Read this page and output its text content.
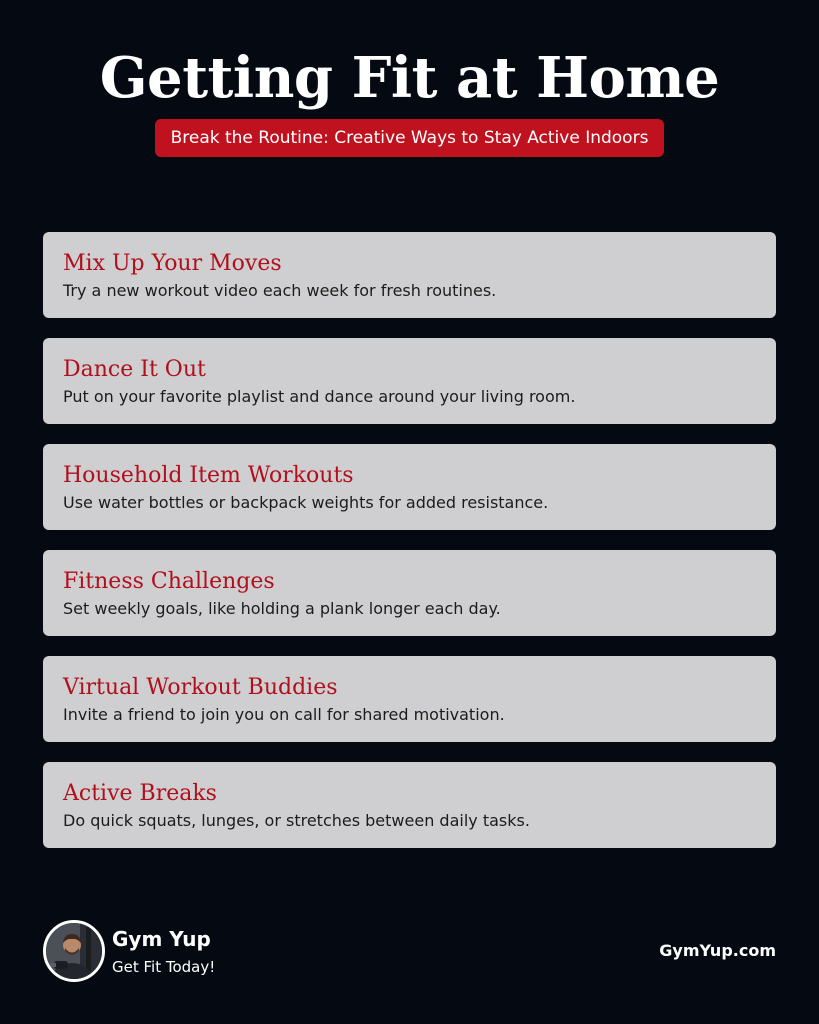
Getting Fit at Home
Break the Routine: Creative Ways to Stay Active Indoors
Mix Up Your Moves
Try a new workout video each week for fresh routines.
Dance It Out
Put on your favorite playlist and dance around your living room.
Household Item Workouts
Use water bottles or backpack weights for added resistance.
Fitness Challenges
Set weekly goals, like holding a plank longer each day.
Virtual Workout Buddies
Invite a friend to join you on call for shared motivation.
Active Breaks
Do quick squats, lunges, or stretches between daily tasks.
Gym Yup
Get Fit Today!
GymYup.com
